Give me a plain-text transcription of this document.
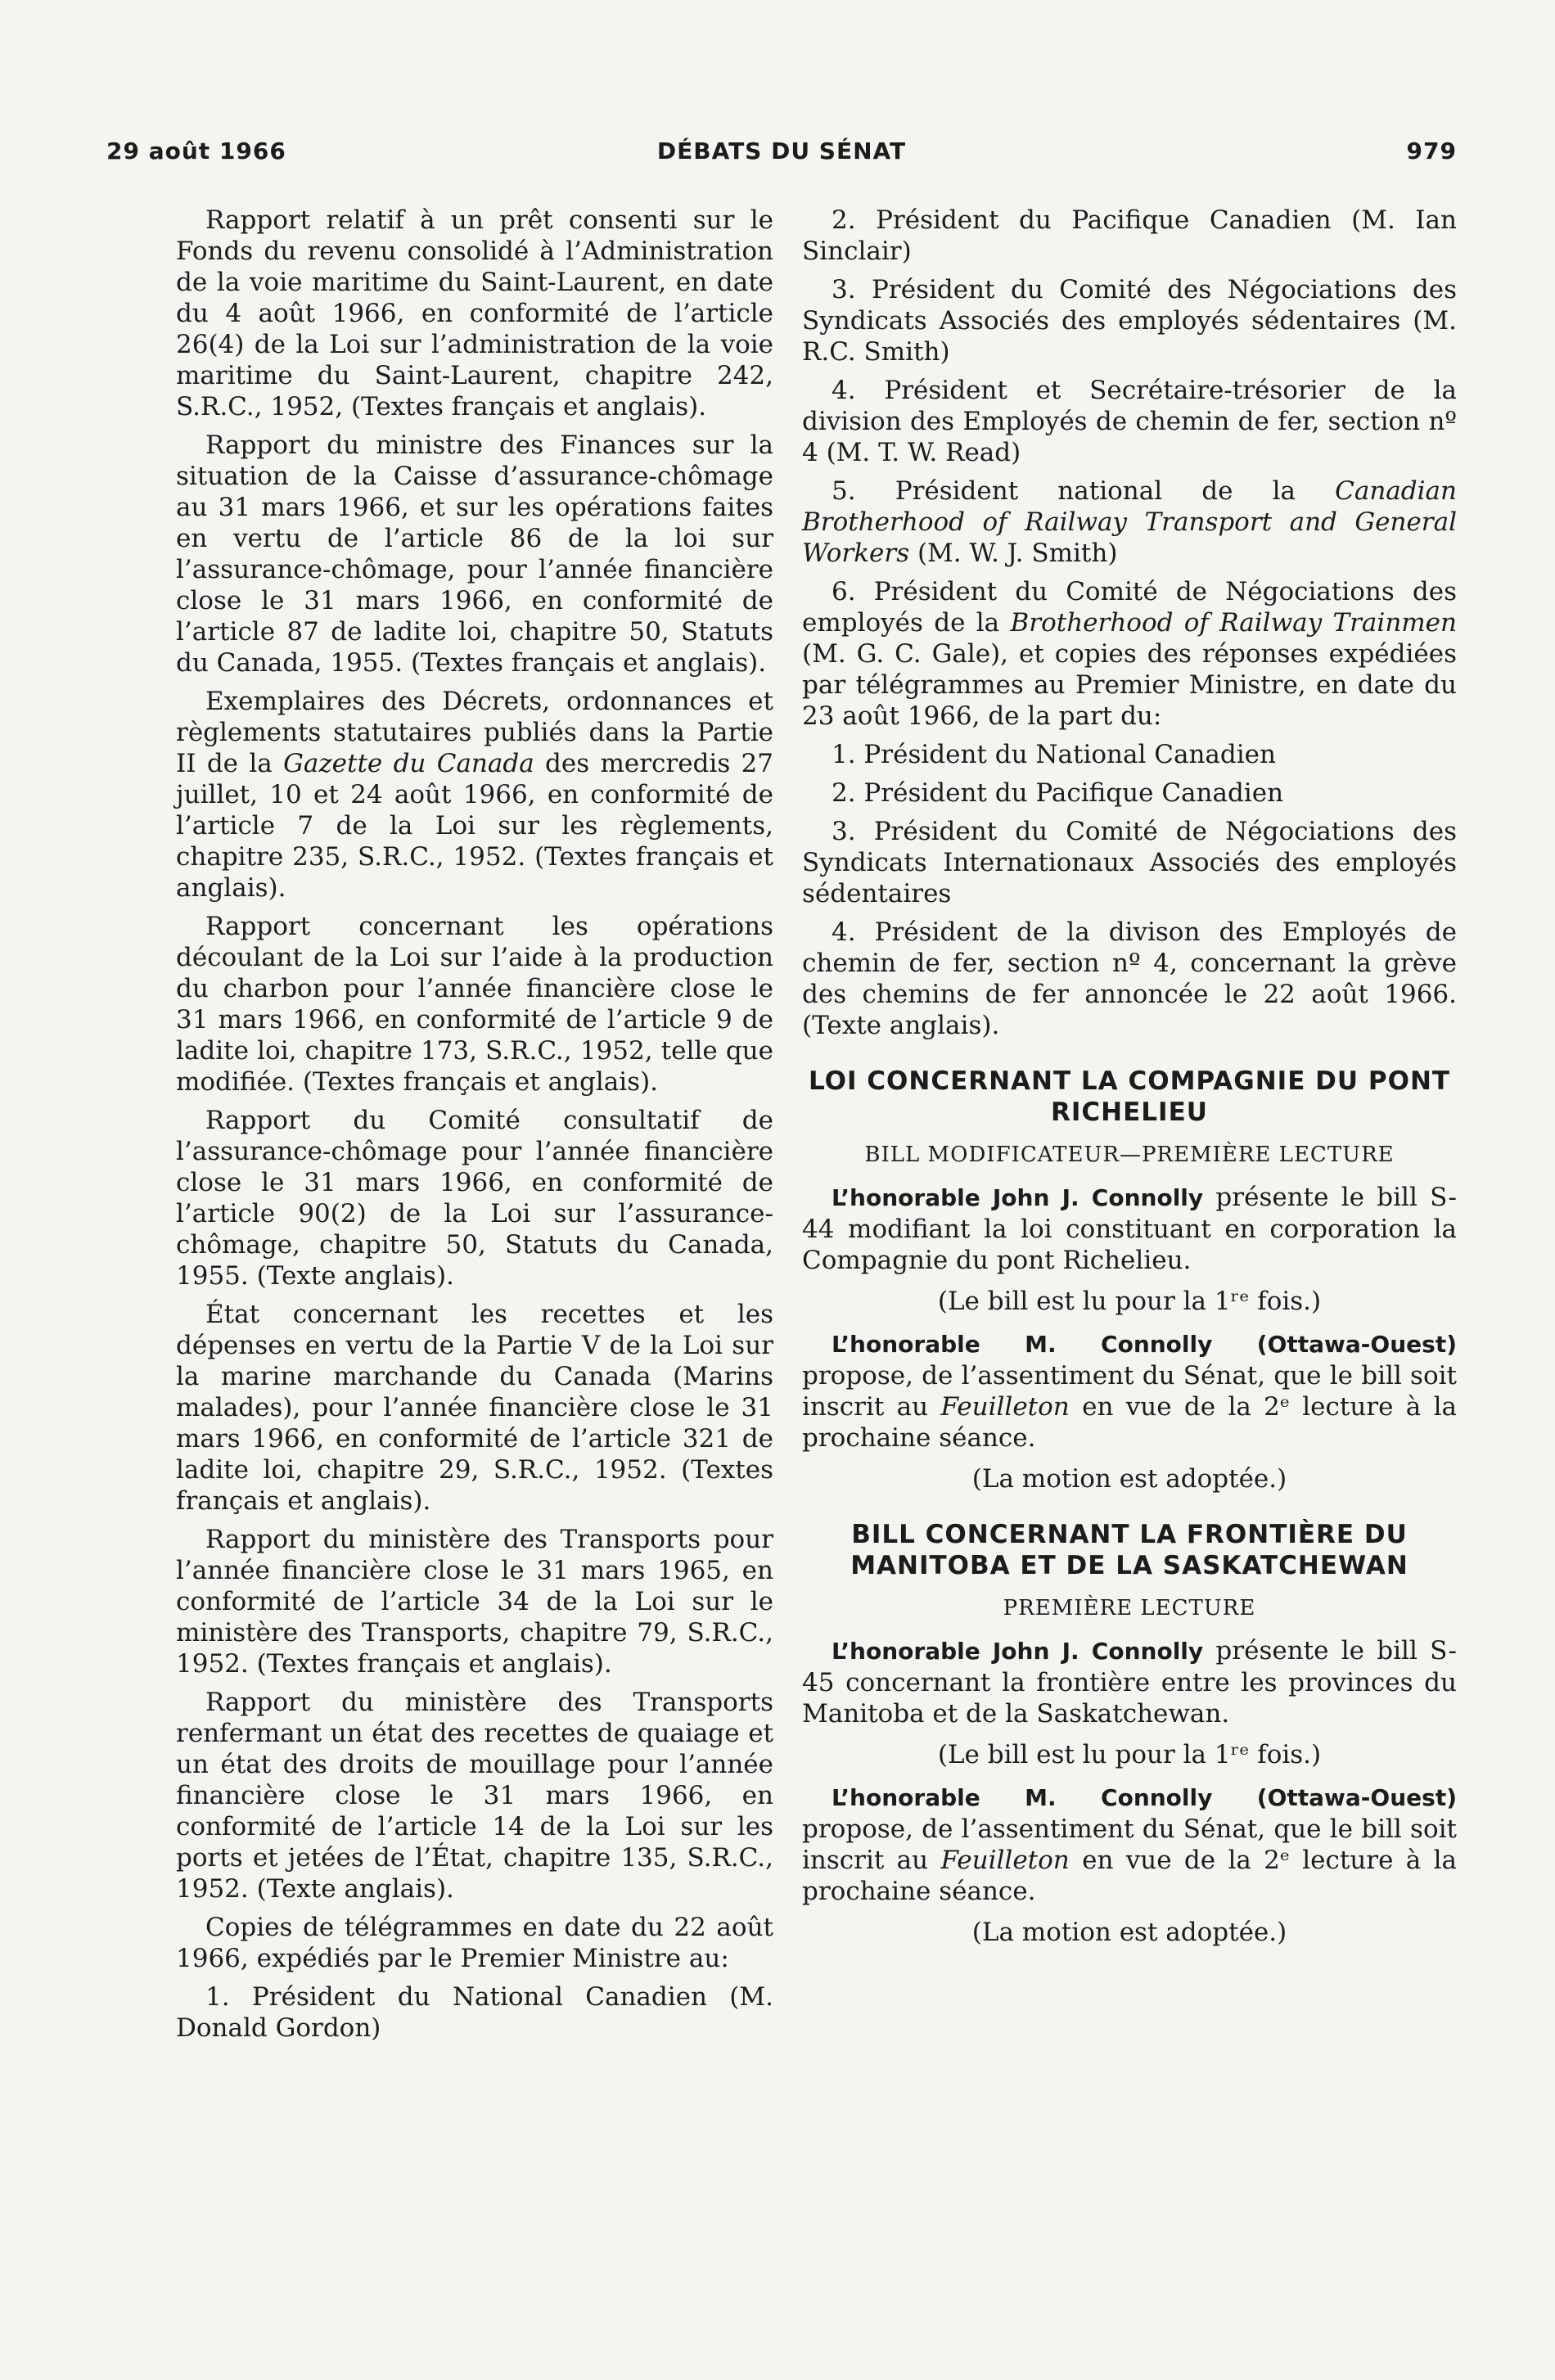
29 août 1966	DÉBATS DU SÉNAT	979

Rapport relatif à un prêt consenti sur le Fonds du revenu consolidé à l’Administration de la voie maritime du Saint-Laurent, en date du 4 août 1966, en conformité de l’article 26(4) de la Loi sur l’administration de la voie maritime du Saint-Laurent, chapitre 242, S.R.C., 1952, (Textes français et anglais).

Rapport du ministre des Finances sur la situation de la Caisse d’assurance-chômage au 31 mars 1966, et sur les opérations faites en vertu de l’article 86 de la loi sur l’assurance-chômage, pour l’année financière close le 31 mars 1966, en conformité de l’article 87 de ladite loi, chapitre 50, Statuts du Canada, 1955. (Textes français et anglais).

Exemplaires des Décrets, ordonnances et règlements statutaires publiés dans la Partie II de la Gazette du Canada des mercredis 27 juillet, 10 et 24 août 1966, en conformité de l’article 7 de la Loi sur les règlements, chapitre 235, S.R.C., 1952. (Textes français et anglais).

Rapport concernant les opérations découlant de la Loi sur l’aide à la production du charbon pour l’année financière close le 31 mars 1966, en conformité de l’article 9 de ladite loi, chapitre 173, S.R.C., 1952, telle que modifiée. (Textes français et anglais).

Rapport du Comité consultatif de l’assurance-chômage pour l’année financière close le 31 mars 1966, en conformité de l’article 90(2) de la Loi sur l’assurance-chômage, chapitre 50, Statuts du Canada, 1955. (Texte anglais).

État concernant les recettes et les dépenses en vertu de la Partie V de la Loi sur la marine marchande du Canada (Marins malades), pour l’année financière close le 31 mars 1966, en conformité de l’article 321 de ladite loi, chapitre 29, S.R.C., 1952. (Textes français et anglais).

Rapport du ministère des Transports pour l’année financière close le 31 mars 1965, en conformité de l’article 34 de la Loi sur le ministère des Transports, chapitre 79, S.R.C., 1952. (Textes français et anglais).

Rapport du ministère des Transports renfermant un état des recettes de quaiage et un état des droits de mouillage pour l’année financière close le 31 mars 1966, en conformité de l’article 14 de la Loi sur les ports et jetées de l’État, chapitre 135, S.R.C., 1952. (Texte anglais).

Copies de télégrammes en date du 22 août 1966, expédiés par le Premier Ministre au:

1. Président du National Canadien (M. Donald Gordon)

2. Président du Pacifique Canadien (M. Ian Sinclair)

3. Président du Comité des Négociations des Syndicats Associés des employés sédentaires (M. R.C. Smith)

4. Président et Secrétaire-trésorier de la division des Employés de chemin de fer, section nº 4 (M. T. W. Read)

5. Président national de la Canadian Brotherhood of Railway Transport and General Workers (M. W. J. Smith)

6. Président du Comité de Négociations des employés de la Brotherhood of Railway Trainmen (M. G. C. Gale), et copies des réponses expédiées par télégrammes au Premier Ministre, en date du 23 août 1966, de la part du:

1. Président du National Canadien

2. Président du Pacifique Canadien

3. Président du Comité de Négociations des Syndicats Internationaux Associés des employés sédentaires

4. Président de la divison des Employés de chemin de fer, section nº 4, concernant la grève des chemins de fer annoncée le 22 août 1966. (Texte anglais).

LOI CONCERNANT LA COMPAGNIE DU PONT RICHELIEU
BILL MODIFICATEUR—PREMIÈRE LECTURE

L’honorable John J. Connolly présente le bill S-44 modifiant la loi constituant en corporation la Compagnie du pont Richelieu.

(Le bill est lu pour la 1ʳᵉ fois.)

L’honorable M. Connolly (Ottawa-Ouest) propose, de l’assentiment du Sénat, que le bill soit inscrit au Feuilleton en vue de la 2ᵉ lecture à la prochaine séance.

(La motion est adoptée.)

BILL CONCERNANT LA FRONTIÈRE DU MANITOBA ET DE LA SASKATCHEWAN
PREMIÈRE LECTURE

L’honorable John J. Connolly présente le bill S-45 concernant la frontière entre les provinces du Manitoba et de la Saskatchewan.

(Le bill est lu pour la 1ʳᵉ fois.)

L’honorable M. Connolly (Ottawa-Ouest) propose, de l’assentiment du Sénat, que le bill soit inscrit au Feuilleton en vue de la 2ᵉ lecture à la prochaine séance.

(La motion est adoptée.)
